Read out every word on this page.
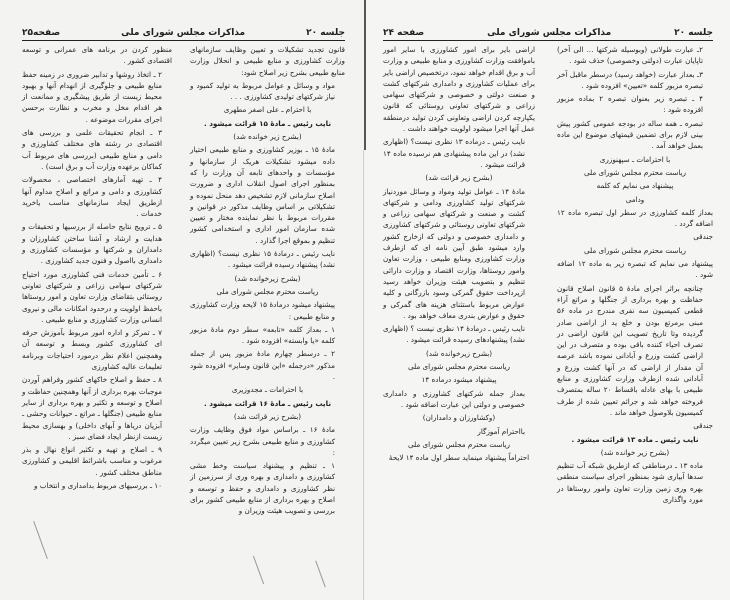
جلسه ۲۰
مذاکرات مجلس شورای ملی
صفحه۲۵

قانون تجدید تشکیلات و تعیین وظایف سازمانهای وزارت کشاورزی و منابع طبیعی و انحلال وزارت منابع طبیعی بشرح زیر اصلاح شود:

مواد و وسائل و عوامل مربوط به تولید کمبود و نیاز شرکتهای تولیدی کشاورزی . . .

با احترام ـ علی اصغر مطهری

نایب رئیس ـ مادهٔ ۱۵ قرائت میشود .

(بشرح زیر خوانده شد)

مادهٔ ۱۵ ـ بوزیر کشاورزی و منابع طبیعی اختیار داده میشود تشکیلات هریک از سازمانها و مؤسسات و واحدهای تابعه آن وزارت را که بمنظور اجرای اصول انقلاب اداری و ضرورت اصلاح سازمانی لازم تشخیص دهد منحل نموده و تشکیلاتی بر اساس وظایف مذکور در قوانین و مقررات مربوط با نظر نماینده مختار و تعیین شده سازمان امور اداری و استخدامی کشور تنظیم و بموقع اجرا گذارد .

نایب رئیس ـ درمادهٔ ۱۵ نظری نیست؟ (اظهاری نشد) پیشنهاد رسیده قرائت میشود .

(بشرح زیرخوانده شد)

ریاست محترم مجلس شورای ملی

پیشنهاد میشود درمادهٔ ۱۵ لایحه وزارت کشاورزی و منابع طبیعی :

۱ ـ بعداز کلمه «تابعه» سطر دوم مادهٔ مزبور کلمه «یا وابسته» افزوده شود .

۲ ـ درسطر چهارم مادهٔ مزبور پس از جمله مذکور «درجمله «این قانون وسایر» افزوده شود .

با احترامات ـ مجدوزیری

نایب رئیس ـ مادهٔ ۱۶ قرائت میشود .

(بشرح زیر قرائت شد)

مادهٔ ۱۶ ـ براساس مواد فوق وظایف وزارت کشاورزی و منابع طبیعی بشرح زیر تعیین میگردد :

۱ ـ تنظیم و پیشنهاد سیاست وخط مشی کشاورزی و دامداری و بهره وری از سرزمین از نظر کشاورزی و دامداری و حفظ و توسعه و اصلاح و بهره برداری از منابع طبیعی کشور برای بررسی و تصویب هیئت وزیران و

منظور کردن در برنامه های عمرانی و توسعه اقتصادی کشور .

۲ ـ اتخاذ روشها و تدابیر ضروری در زمینه حفظ منابع طبیعی و جلوگیری از انهدام آنها و بهبود محیط زیست از طریق پیشگیری و ممانعت از هر اقدام مخل و مخرب و نظارت برحسن اجرای مقررات موضوعه .

۳ ـ انجام تحقیقات علمی و بررسی های اقتصادی در رشته های مختلف کشاورزی و دامی و منابع طبیعی (بررسی های مربوط آب کماکان برعهده وزارت آب و برق است) .

۴ ـ تهیه آمارهای اختصاصی ، محصولات کشاورزی و دامی و مراتع و اصلاح مداوم آنها ازطریق ایجاد سازمانهای مناسب یاخرید خدمات .

۵ ـ ترویج نتایج حاصله از بررسیها و تحقیقات و هدایت و ارشاد و آشنا ساختن کشاورزان و دامداران و شرکتها و مؤسسات کشاورزی و دامداری بااصول و فنون جدید کشاورزی .

۶ ـ تأمین خدمات فنی کشاورزی مورد احتیاج شرکتهای سهامی زراعی و شرکتهای تعاونی روستائی بتقاضای وزارت تعاون و امور روستاها باحفظ اولویت و درحدود امکانات مالی و نیروی انسانی وزارت کشاورزی و منابع طبیعی .

۷ ـ تمرکز و اداره امور مربوط بآموزش حرفه ای کشاورزی کشور وبسط و توسعه آن وهمچنین اعلام نظر درمورد احتیاجات وبرنامه تعلیمات عالیه کشاورزی

۸ ـ حفظ و اصلاح خاکهای کشور وفراهم آوردن موجبات بهره برداری از آنها وهمچنین حفاظت و اصلاح و توسعه و تکثیر و بهره برداری از سایر منابع طبیعی (جنگلها ـ مراتع ـ حیوانات وحشی ـ آبزیان دریاها و آبهای داخلی) و بهسازی محیط زیست ازنظر ایجاد فضای سبز .

۹ ـ اصلاح و تهیه و تکثیر انواع نهال و بذر مرغوب و مناسب باشرائط اقلیمی و کشاورزی مناطق مختلف کشور .

۱۰ ـ بررسیهای مربوط بدامداری و انتخاب و

جلسه ۲۰
مذاکرات مجلس شورای ملی
صفحه ۲۴

۲ـ عبارت طولانی (وبوسیله شرکتها ... الی آخر) تاپایان عبارت (دولتی وخصوصی) حذف شود .

۳ـ بعداز عبارت (خواهد رسید) درسطر ماقبل آخر تبصره مزبور کلمه «تعیین» افزوده شود .

۴ ـ تبصره زیر بعنوان تبصره ۲ بماده مزبور افزوده شود :

تبصره ـ همه ساله در بودجه عمومی کشور پیش بینی لازم برای تضمین قیمتهای موضوع این ماده بعمل خواهد آمد .

با احترامات ـ سپهنوزری

ریاست محترم مجلس شورای ملی

پیشنهاد می نمایم که کلمه

ودامی

بعداز کلمه کشاورزی در سطر اول تبصره ماده ۱۲ اضافه گردد .

جندقی

ریاست محترم مجلس شورای ملی

پیشنهاد می نمایم که تبصره زیر به ماده ۱۲ اضافه شود .

چنانچه براثر اجرای مادهٔ ۵ قانون اصلاح قانون حفاظت و بهره برداری از جنگلها و مراتع آراء قطعی کمیسیون سه نفری مندرج در ماده ۵۶ مبنی برمرتع بودن و خلع ید از اراضی صادر گردیده وتا تاریخ تصویب این قانون اراضی در تصرف احیاء کننده باقی بوده و متصرف در این اراضی کشت وزرع و آبادانی نموده باشد عرصه آن مقدار از اراضی که در آنها کشت وزرع و آبادانی شده ازطرف وزارت کشاورزی و منابع طبیعی با بهای عادله باقساط ۲۰ ساله بمتصرف فروخته خواهد شد و جرائم تعیین شده از طرف کمیسیون بلاوصول خواهد ماند .

جندقی

نایب رئیس ـ ماده ۱۳ قرائت میشود .

(بشرح زیر خوانده شد)

ماده ۱۳ ـ درمناطقی که ازطریق شبکه آب تنظیم سدها آبیاری شود بمنظور اجرای سیاست منطقی بهره وری زمین وزارت تعاون وامور روستاها در مورد واگذاری

اراضی بایر برای امور کشاورزی با سایر امور باموافقت وزارت کشاورزی و منابع طبیعی و وزارت آب و برق اقدام خواهد نمود، درتخصیص اراضی بایر برای عملیات کشاورزی و دامداری شرکتهای کشت و صنعت دولتی و خصوصی و شرکتهای سهامی زراعی و شرکتهای تعاونی روستائی که قانون یکپارچه کردن اراضی وتعاونی کردن تولید درمنطقه عمل آنها اجرا میشود اولویت خواهند داشت .

نایب رئیس ـ درماده ۱۳ نظری نیست؟ (اظهاری نشد) در این ماده پیشنهادی هم نرسیده ماده ۱۴ قرائت میشود .

(بشرح زیر قرائت شد)

مادهٔ ۱۴ ـ عوامل تولید ومواد و وسائل موردنیاز شرکتهای تولید کشاورزی ودامی و شرکتهای کشت و صنعت و شرکتهای سهامی زراعی و شرکتهای تعاونی روستائی و شرکتهای کشاورزی و دامداری خصوصی و دولتی که ازخارج کشور وارد میشود طبق آیین نامه ای که ازطرف وزارت کشاورزی ومنابع طبیعی ، وزارت تعاون وامور روستاها، وزارت اقتصاد و وزارت دارائی تنظیم و بتصویب هیئت وزیران خواهد رسید ازپرداخت حقوق گمرکی وسود بازرگانی و کلیه عوارض مربوط باستثنای هزینه های گمرکی و حقوق و عوارض بندری معاف خواهد بود .

نایب رئیس ـ درمادهٔ ۱۴ نظری نیست ؟ (اظهاری نشد) پیشنهادهای رسیده قرائت میشود .

(بشرح زیرخوانده شد)

ریاست محترم مجلس شورای ملی

پیشنهاد میشود درماده ۱۴

بعداز جمله شرکتهای کشاورزی و دامداری خصوصی و دولتی این عبارت اضافه شود .

(وکشاورزان و دامداران)

بااحترام آموزگار

ریاست محترم مجلس شورای ملی

احتراماً پیشنهاد مینماید سطر اول ماده ۱۴ لایحهٔ
